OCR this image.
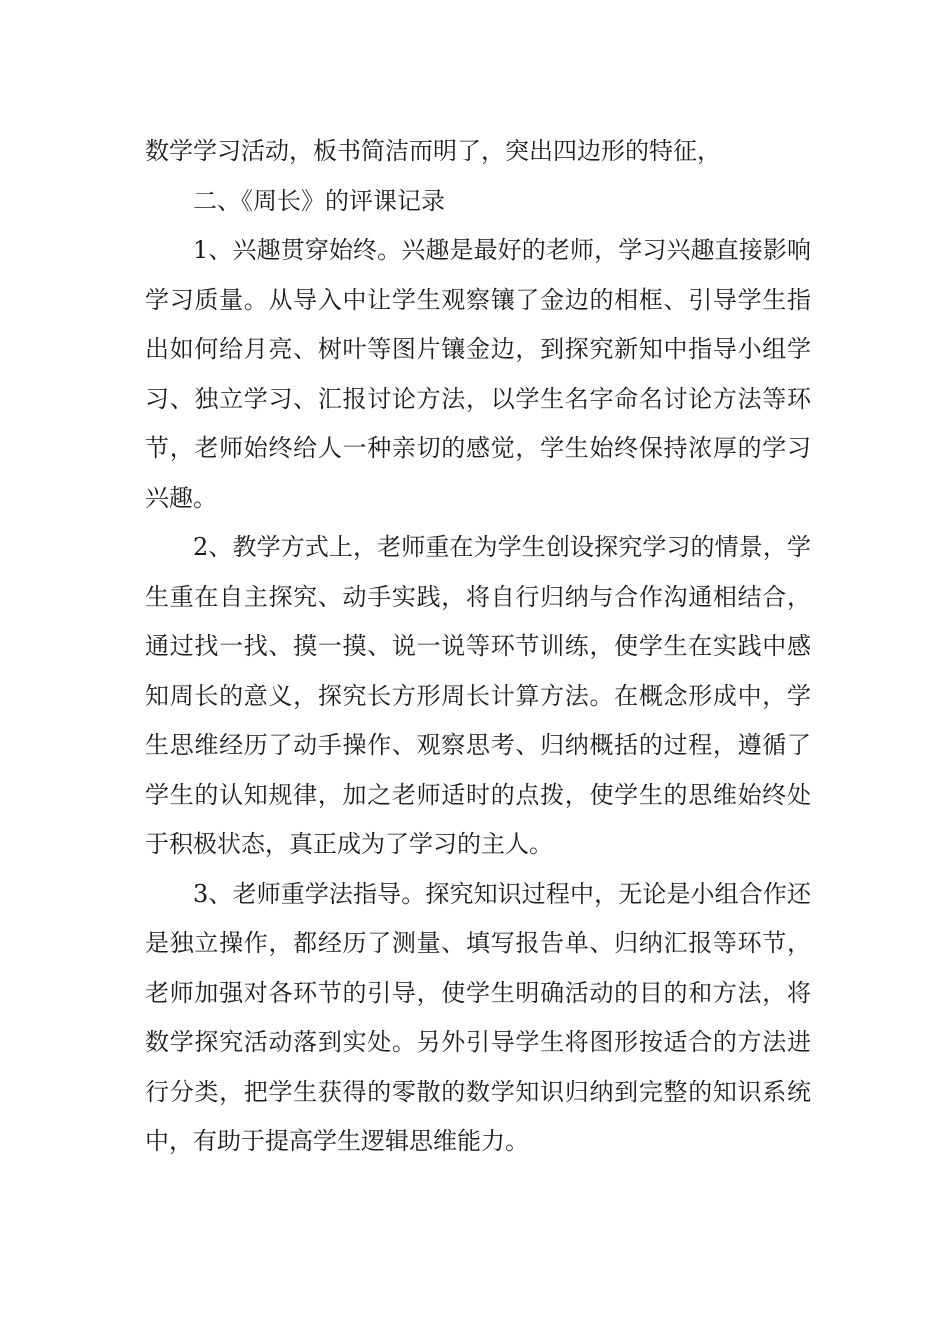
数学学习活动，板书简洁而明了，突出四边形的特征，

二、《周长》的评课记录

1、兴趣贯穿始终。兴趣是最好的老师，学习兴趣直接影响学习质量。从导入中让学生观察镶了金边的相框、引导学生指出如何给月亮、树叶等图片镶金边，到探究新知中指导小组学习、独立学习、汇报讨论方法，以学生名字命名讨论方法等环节，老师始终给人一种亲切的感觉，学生始终保持浓厚的学习兴趣。

2、教学方式上，老师重在为学生创设探究学习的情景，学生重在自主探究、动手实践，将自行归纳与合作沟通相结合，通过找一找、摸一摸、说一说等环节训练，使学生在实践中感知周长的意义，探究长方形周长计算方法。在概念形成中，学生思维经历了动手操作、观察思考、归纳概括的过程，遵循了学生的认知规律，加之老师适时的点拨，使学生的思维始终处于积极状态，真正成为了学习的主人。

3、老师重学法指导。探究知识过程中，无论是小组合作还是独立操作，都经历了测量、填写报告单、归纳汇报等环节，老师加强对各环节的引导，使学生明确活动的目的和方法，将数学探究活动落到实处。另外引导学生将图形按适合的方法进行分类，把学生获得的零散的数学知识归纳到完整的知识系统中，有助于提高学生逻辑思维能力。
